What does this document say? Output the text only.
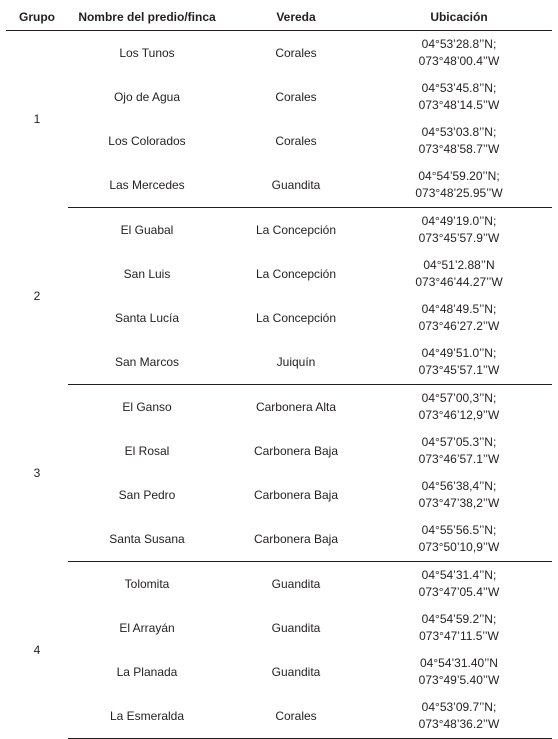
Grupo	Nombre del predio/finca	Vereda	Ubicación
1	Los Tunos	Corales	04°53’28.8’’N;
073°48’00.4’’W

	Ojo de Agua	Corales	04°53’45.8’’N;
073°48’14.5’’W

	Los Colorados	Corales	04°53’03.8’’N;
073°48’58.7’’W

	Las Mercedes	Guandita	04°54’59.20’’N;
073°48’25.95’’W

2	El Guabal	La Concepción	04°49’19.0’’N;
073°45’57.9’’W

	San Luis	La Concepción	04°51’2.88’’N
073°46’44.27’’W

	Santa Lucía	La Concepción	04°48’49.5’’N;
073°46’27.2’’W

	San Marcos	Juiquín	04°49’51.0’’N;
073°45’57.1’’W

3	El Ganso	Carbonera Alta	04°57’00,3’’N;
073°46’12,9’’W

	El Rosal	Carbonera Baja	04°57’05.3’’N;
073°46’57.1’’W

	San Pedro	Carbonera Baja	04°56’38,4’’N;
073°47’38,2’’W

	Santa Susana	Carbonera Baja	04°55’56.5’’N;
073°50’10,9’’W

4	Tolomita	Guandita	04°54’31.4’’N;
073°47’05.4’’W

	El Arrayán	Guandita	04°54’59.2’’N;
073°47’11.5’’W

	La Planada	Guandita	04°54’31.40’’N
073°49’5.40’’W

	La Esmeralda	Corales	04°53’09.7’’N;
073°48’36.2’’W
